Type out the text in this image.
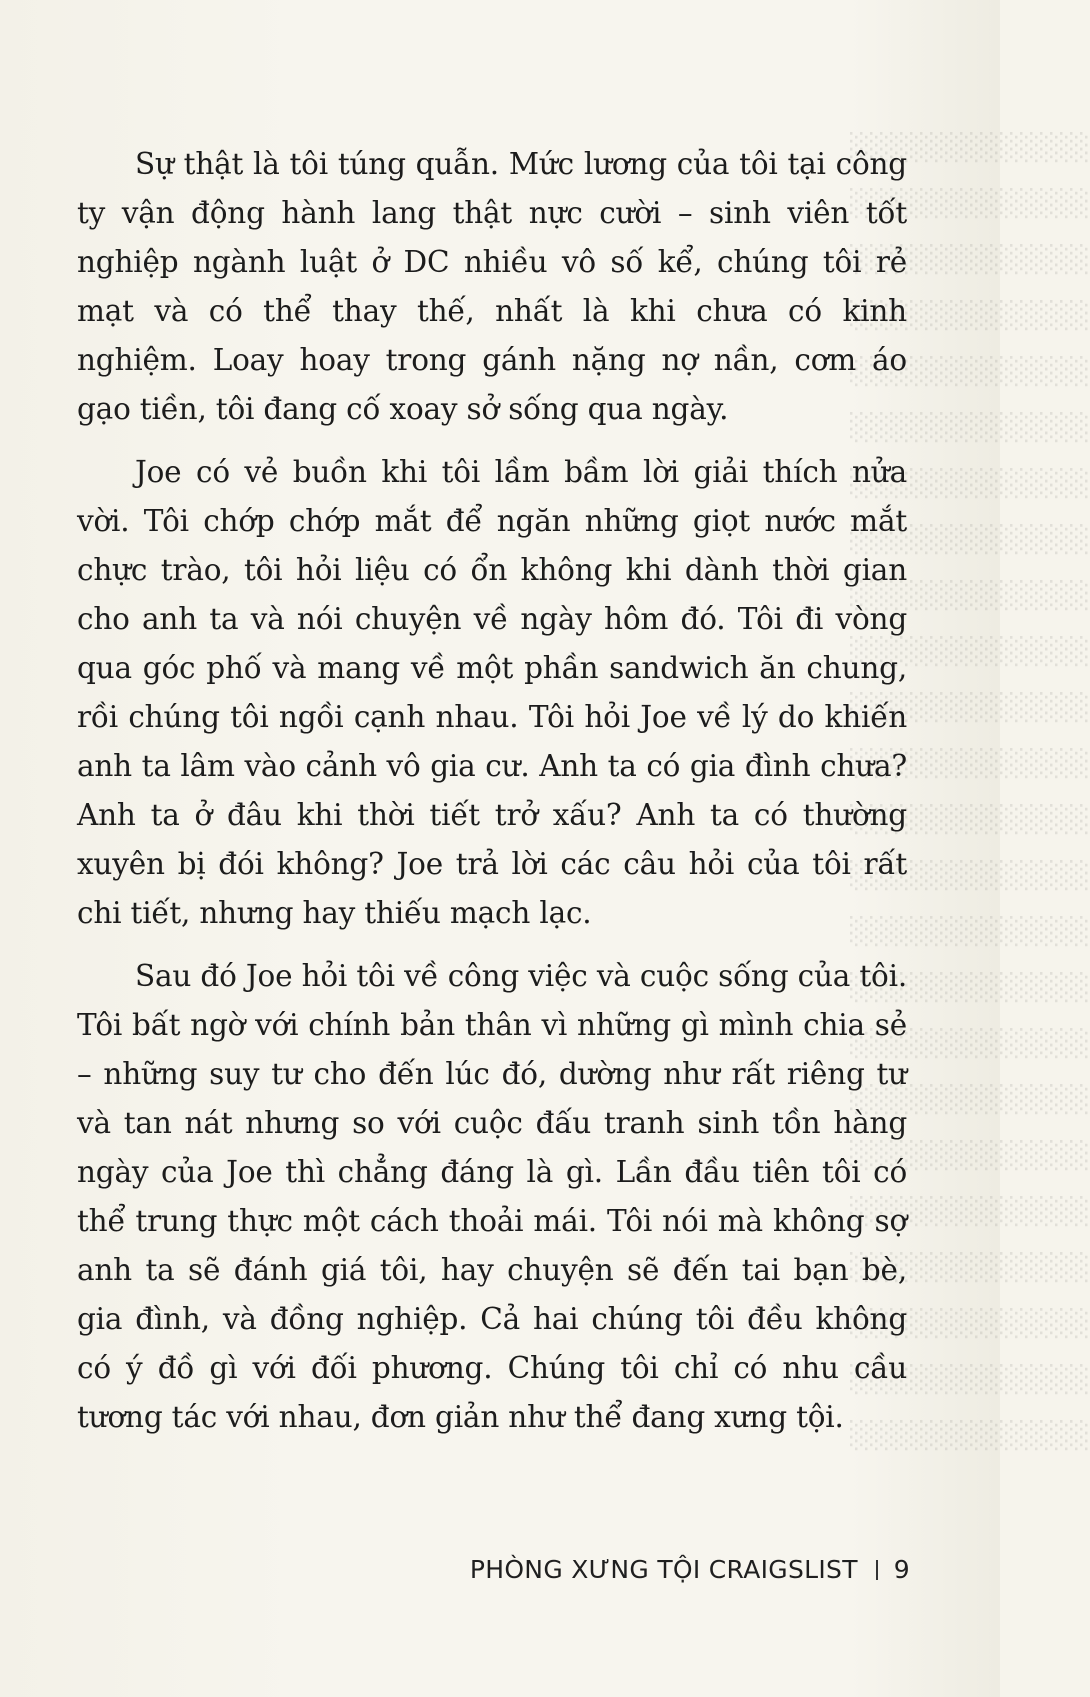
░░░░░░░░░░░░
░░░░░░░░░░░░
░░░░░░░░░░░░
░░░░░░░░░░░░
░░░░░░░░░░░░
░░░░░░░░░░░░
░░░░░░░░░░░░
░░░░░░░░░░░░
░░░░░░░░░░░░
░░░░░░░░░░░░
░░░░░░░░░░░░
░░░░░░░░░░░░
░░░░░░░░░░░░
░░░░░░░░░░░░
░░░░░░░░░░░░
░░░░░░░░░░░░
░░░░░░░░░░░░
░░░░░░░░░░░░
░░░░░░░░░░░░
░░░░░░░░░░░░
░░░░░░░░░░░░
░░░░░░░░░░░░
░░░░░░░░░░░░
░░░░░░░░░░░░

Sự thật là tôi túng quẫn. Mức lương của tôi tại công ty vận động hành lang thật nực cười – sinh viên tốt nghiệp ngành luật ở DC nhiều vô số kể, chúng tôi rẻ mạt và có thể thay thế, nhất là khi chưa có kinh nghiệm. Loay hoay trong gánh nặng nợ nần, cơm áo gạo tiền, tôi đang cố xoay sở sống qua ngày.

Joe có vẻ buồn khi tôi lầm bầm lời giải thích nửa vời. Tôi chớp chớp mắt để ngăn những giọt nước mắt chực trào, tôi hỏi liệu có ổn không khi dành thời gian cho anh ta và nói chuyện về ngày hôm đó. Tôi đi vòng qua góc phố và mang về một phần sandwich ăn chung, rồi chúng tôi ngồi cạnh nhau. Tôi hỏi Joe về lý do khiến anh ta lâm vào cảnh vô gia cư. Anh ta có gia đình chưa? Anh ta ở đâu khi thời tiết trở xấu? Anh ta có thường xuyên bị đói không? Joe trả lời các câu hỏi của tôi rất chi tiết, nhưng hay thiếu mạch lạc.

Sau đó Joe hỏi tôi về công việc và cuộc sống của tôi. Tôi bất ngờ với chính bản thân vì những gì mình chia sẻ – những suy tư cho đến lúc đó, dường như rất riêng tư và tan nát nhưng so với cuộc đấu tranh sinh tồn hàng ngày của Joe thì chẳng đáng là gì. Lần đầu tiên tôi có thể trung thực một cách thoải mái. Tôi nói mà không sợ anh ta sẽ đánh giá tôi, hay chuyện sẽ đến tai bạn bè, gia đình, và đồng nghiệp. Cả hai chúng tôi đều không có ý đồ gì với đối phương. Chúng tôi chỉ có nhu cầu tương tác với nhau, đơn giản như thể đang xưng tội.

PHÒNG XƯNG TỘI CRAIGSLIST 9
